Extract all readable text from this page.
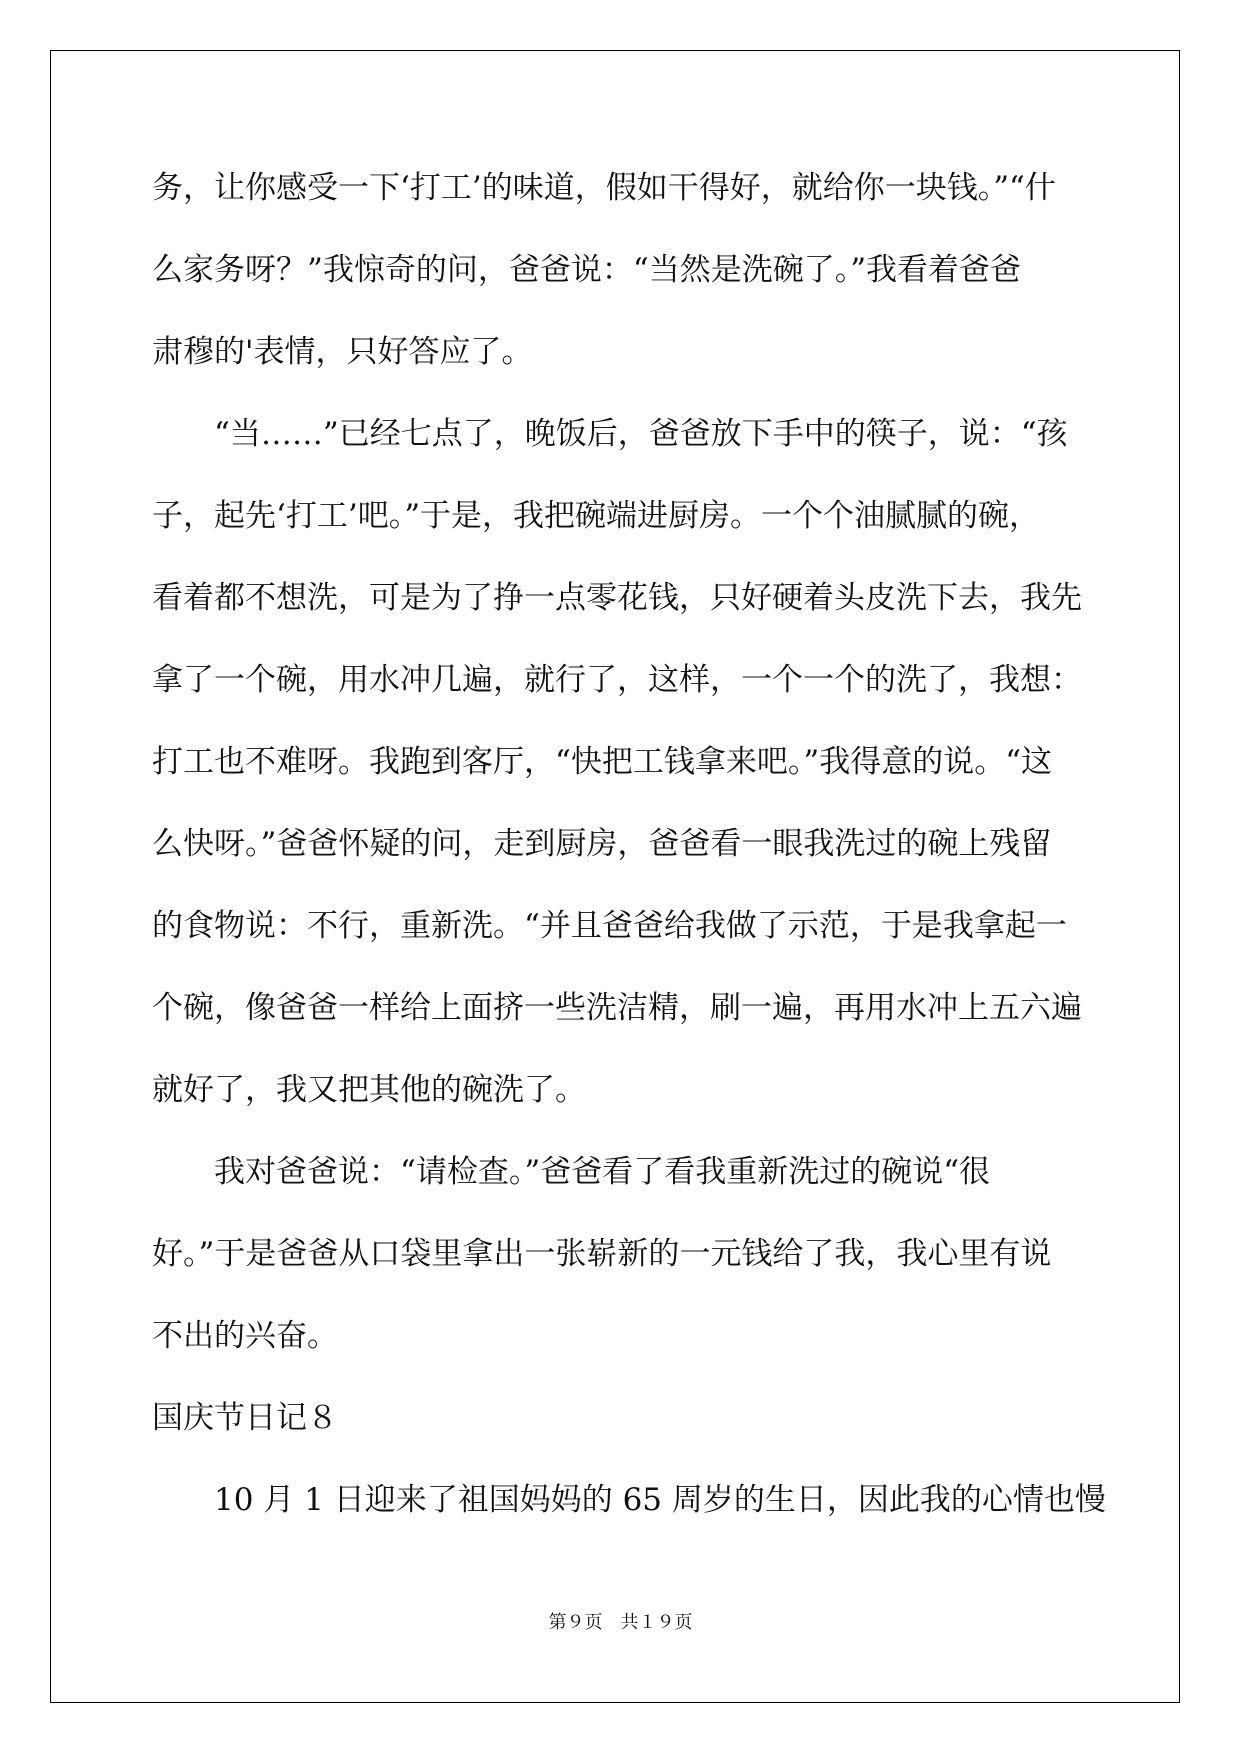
务，让你感受一下‘打工’的味道，假如干得好，就给你一块钱。”“什

么家务呀？”我惊奇的问，爸爸说：“当然是洗碗了。”我看着爸爸

肃穆的'表情，只好答应了。

“当……”已经七点了，晚饭后，爸爸放下手中的筷子，说：“孩

子，起先‘打工’吧。”于是，我把碗端进厨房。一个个油腻腻的碗，

看着都不想洗，可是为了挣一点零花钱，只好硬着头皮洗下去，我先

拿了一个碗，用水冲几遍，就行了，这样，一个一个的洗了，我想：

打工也不难呀。我跑到客厅，“快把工钱拿来吧。”我得意的说。“这

么快呀。”爸爸怀疑的问，走到厨房，爸爸看一眼我洗过的碗上残留

的食物说：不行，重新洗。“并且爸爸给我做了示范，于是我拿起一

个碗，像爸爸一样给上面挤一些洗洁精，刷一遍，再用水冲上五六遍

就好了，我又把其他的碗洗了。

我对爸爸说：“请检查。”爸爸看了看我重新洗过的碗说“很

好。”于是爸爸从口袋里拿出一张崭新的一元钱给了我，我心里有说

不出的兴奋。

国庆节日记８

10 月 1 日迎来了祖国妈妈的 65 周岁的生日，因此我的心情也慢

第９页　共１９页
